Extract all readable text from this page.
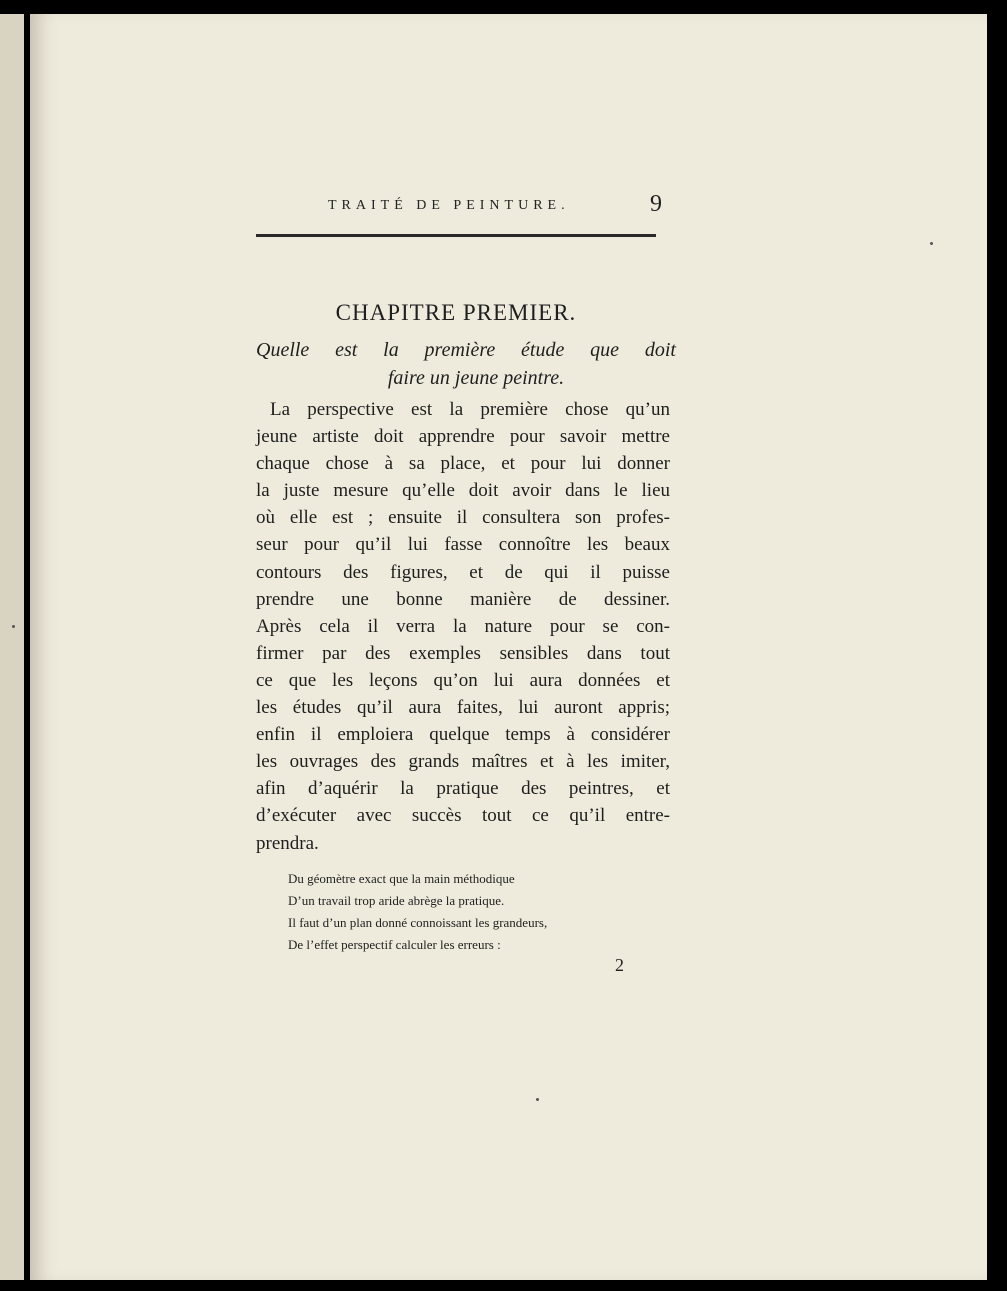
TRAITÉ DE PEINTURE.	9
CHAPITRE PREMIER.
Quelle est la première étude que doit
faire un jeune peintre.
La perspective est la première chose qu’un
jeune artiste doit apprendre pour savoir mettre
chaque chose à sa place, et pour lui donner
la juste mesure qu’elle doit avoir dans le lieu
où elle est ; ensuite il consultera son profes-
seur pour qu’il lui fasse connoître les beaux
contours des figures, et de qui il puisse
prendre une bonne manière de dessiner.
Après cela il verra la nature pour se con-
firmer par des exemples sensibles dans tout
ce que les leçons qu’on lui aura données et
les études qu’il aura faites, lui auront appris;
enfin il emploiera quelque temps à considérer
les ouvrages des grands maîtres et à les imiter,
afin d’aquérir la pratique des peintres, et
d’exécuter avec succès tout ce qu’il entre-
prendra.
Du géomètre exact que la main méthodique
D’un travail trop aride abrège la pratique.
Il faut d’un plan donné connoissant les grandeurs,
De l’effet perspectif calculer les erreurs :
2
